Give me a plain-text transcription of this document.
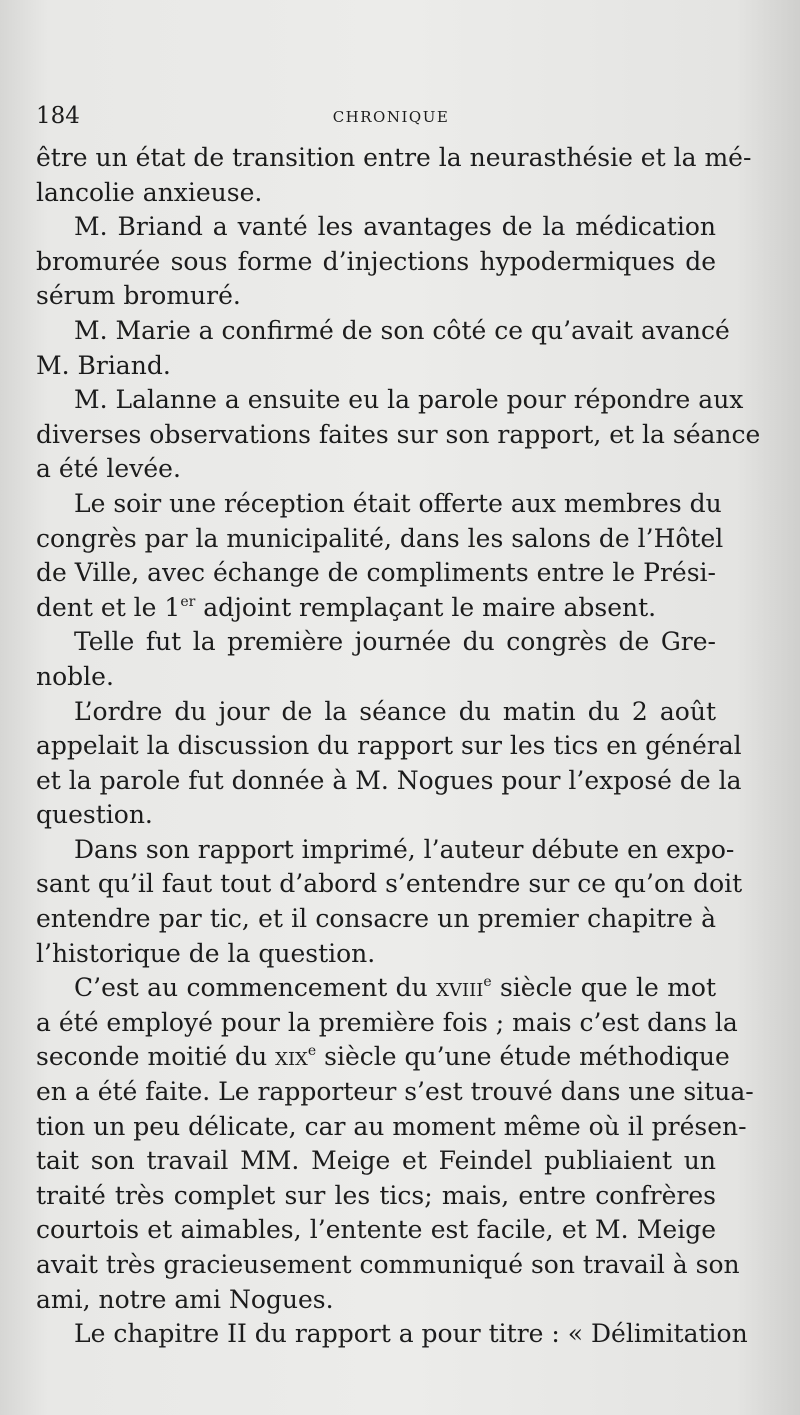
184	CHRONIQUE
être un état de transition entre la neurasthésie et la mé-
lancolie anxieuse.
M. Briand a vanté les avantages de la médication
bromurée sous forme d’injections hypodermiques de
sérum bromuré.
M. Marie a confirmé de son côté ce qu’avait avancé
M. Briand.
M. Lalanne a ensuite eu la parole pour répondre aux
diverses observations faites sur son rapport, et la séance
a été levée.
Le soir une réception était offerte aux membres du
congrès par la municipalité, dans les salons de l’Hôtel
de Ville, avec échange de compliments entre le Prési-
dent et le 1er adjoint remplaçant le maire absent.
Telle fut la première journée du congrès de Gre-
noble.
L’ordre du jour de la séance du matin du 2 août
appelait la discussion du rapport sur les tics en général
et la parole fut donnée à M. Nogues pour l’exposé de la
question.
Dans son rapport imprimé, l’auteur débute en expo-
sant qu’il faut tout d’abord s’entendre sur ce qu’on doit
entendre par tic, et il consacre un premier chapitre à
l’historique de la question.
C’est au commencement du xviii$^e$ siècle que le mot
a été employé pour la première fois ; mais c’est dans la
seconde moitié du xix$^e$ siècle qu’une étude méthodique
en a été faite. Le rapporteur s’est trouvé dans une situa-
tion un peu délicate, car au moment même où il présen-
tait son travail MM. Meige et Feindel publiaient un
traité très complet sur les tics; mais, entre confrères
courtois et aimables, l’entente est facile, et M. Meige
avait très gracieusement communiqué son travail à son
ami, notre ami Nogues.
Le chapitre II du rapport a pour titre : « Délimitation
